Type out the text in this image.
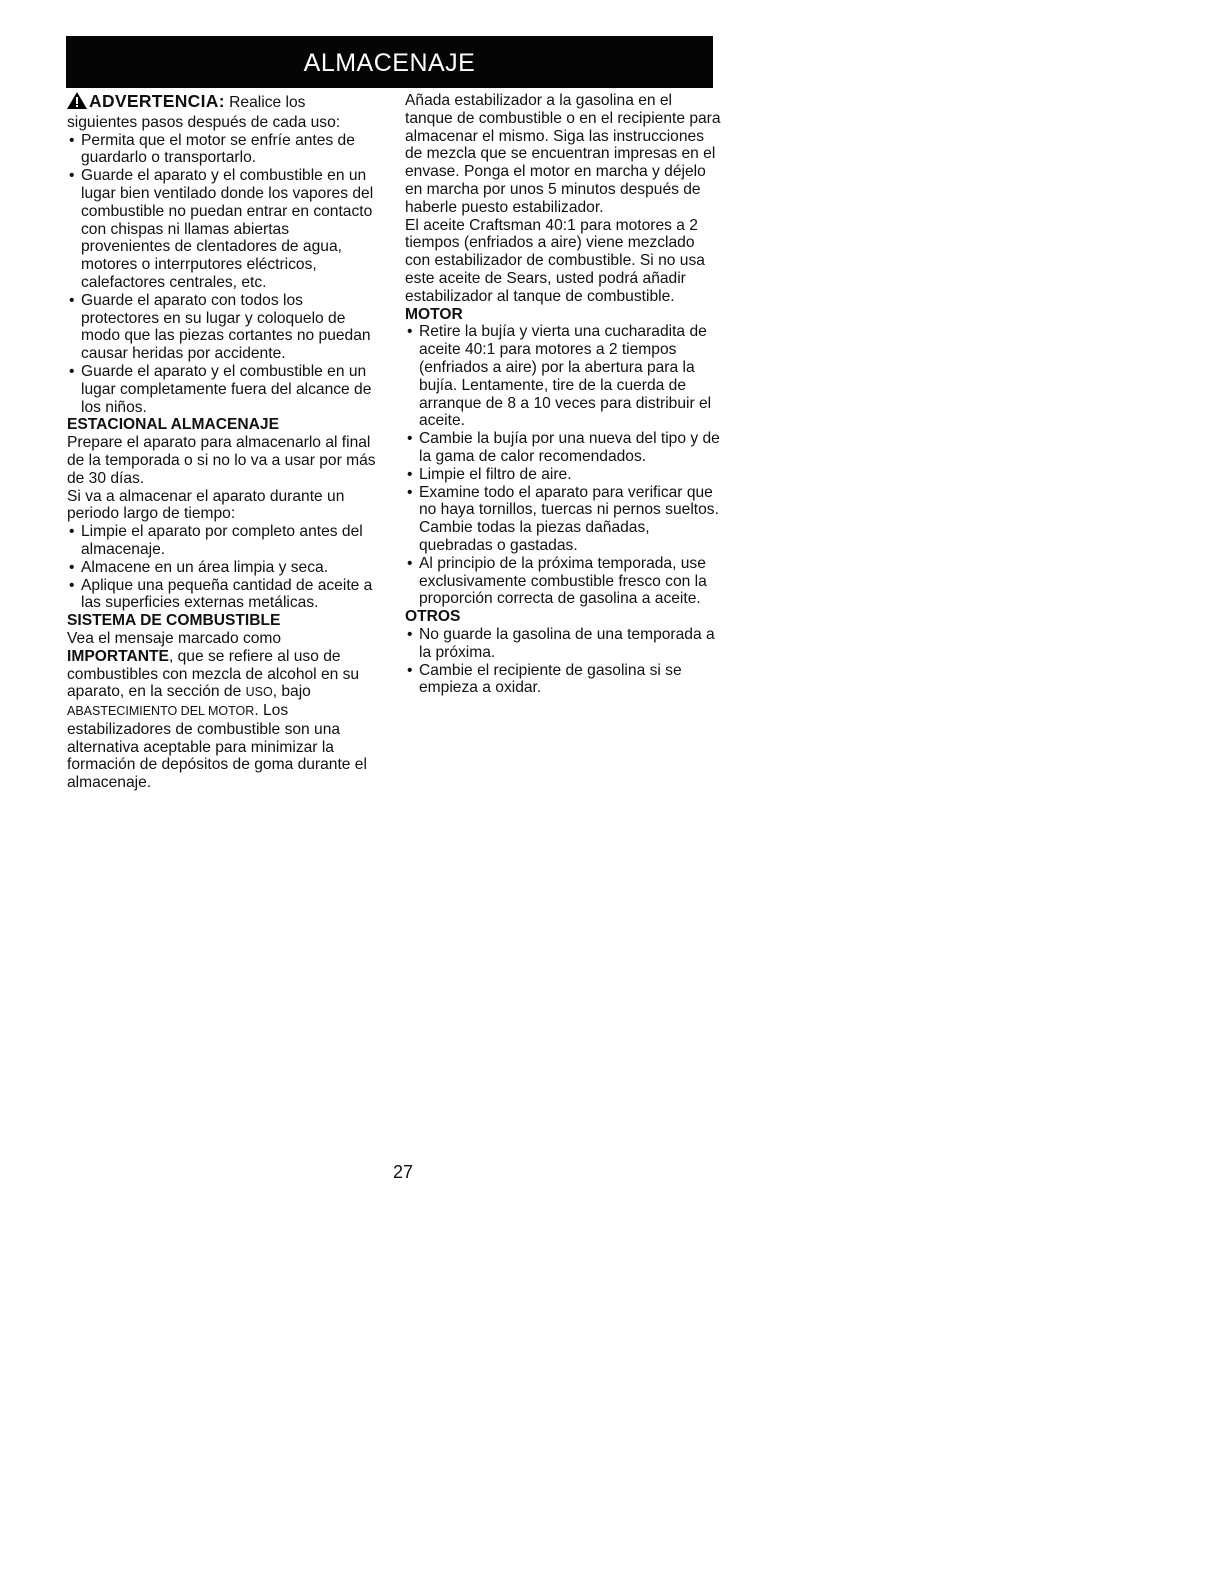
ALMACENAJE

ADVERTENCIA: Realice los siguientes pasos después de cada uso:

• Permita que el motor se enfríe antes de guardarlo o transportarlo.
• Guarde el aparato y el combustible en un lugar bien ventilado donde los vapores del combustible no puedan entrar en contacto con chispas ni llamas abiertas provenientes de clentadores de agua, motores o interrputores eléctricos, calefactores centrales, etc.
• Guarde el aparato con todos los protectores en su lugar y coloquelo de modo que las piezas cortantes no puedan causar heridas por accidente.
• Guarde el aparato y el combustible en un lugar completamente fuera del alcance de los niños.
ESTACIONAL ALMACENAJE

Prepare el aparato para almacenarlo al final de la temporada o si no lo va a usar por más de 30 días.

Si va a almacenar el aparato durante un periodo largo de tiempo:

• Limpie el aparato por completo antes del almacenaje.
• Almacene en un área limpia y seca.
• Aplique una pequeña cantidad de aceite a las superficies externas metálicas.
SISTEMA DE COMBUSTIBLE

Vea el mensaje marcado como IMPORTANTE, que se refiere al uso de combustibles con mezcla de alcohol en su aparato, en la sección de USO, bajo ABASTECIMIENTO DEL MOTOR. Los estabilizadores de combustible son una alternativa aceptable para minimizar la formación de depósitos de goma durante el almacenaje.

Añada estabilizador a la gasolina en el tanque de combustible o en el recipiente para almacenar el mismo. Siga las instrucciones de mezcla que se encuentran impresas en el envase. Ponga el motor en marcha y déjelo en marcha por unos 5 minutos después de haberle puesto estabilizador.

El aceite Craftsman 40:1 para motores a 2 tiempos (enfriados a aire) viene mezclado con estabilizador de combustible. Si no usa este aceite de Sears, usted podrá añadir estabilizador al tanque de combustible.

MOTOR
• Retire la bujía y vierta una cucharadita de aceite 40:1 para motores a 2 tiempos (enfriados a aire) por la abertura para la bujía. Lentamente, tire de la cuerda de arranque de 8 a 10 veces para distribuir el aceite.
• Cambie la bujía por una nueva del tipo y de la gama de calor recomendados.
• Limpie el filtro de aire.
• Examine todo el aparato para verificar que no haya tornillos, tuercas ni pernos sueltos. Cambie todas la piezas dañadas, quebradas o gastadas.
• Al principio de la próxima temporada, use exclusivamente combustible fresco con la proporción correcta de gasolina a aceite.
OTROS
• No guarde la gasolina de una temporada a la próxima.
• Cambie el recipiente de gasolina si se empieza a oxidar.
27
